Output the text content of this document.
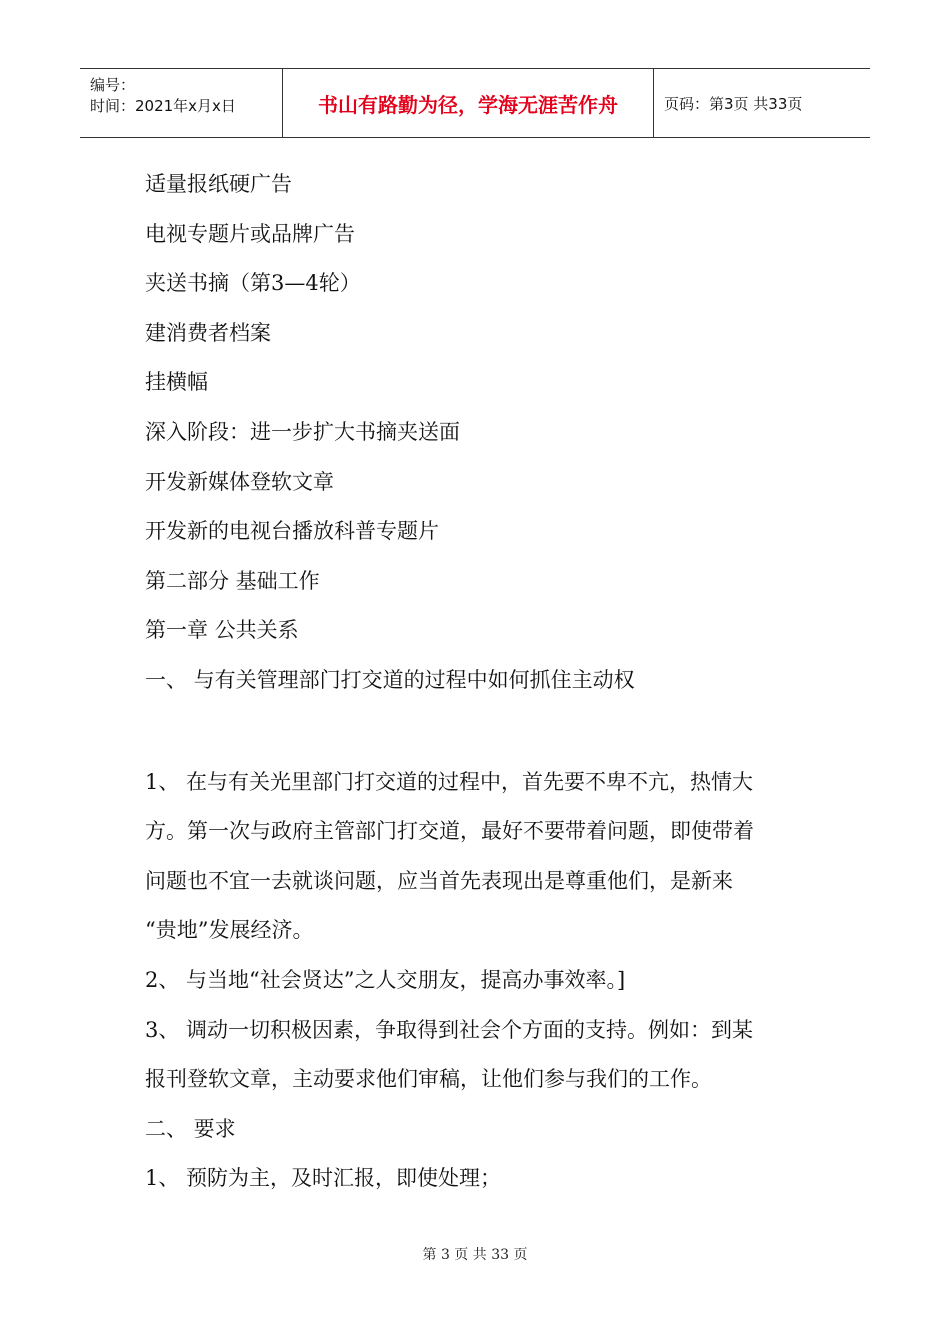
编号：
时间：2021年x月x日	书山有路勤为径，学海无涯苦作舟	页码：第3页 共33页
适量报纸硬广告
电视专题片或品牌广告
夹送书摘（第3—4轮）
建消费者档案
挂横幅
深入阶段：进一步扩大书摘夹送面
开发新媒体登软文章
开发新的电视台播放科普专题片
第二部分 基础工作
第一章 公共关系
一、 与有关管理部门打交道的过程中如何抓住主动权
1、 在与有关光里部门打交道的过程中，首先要不卑不亢，热情大
方。第一次与政府主管部门打交道，最好不要带着问题，即使带着
问题也不宜一去就谈问题，应当首先表现出是尊重他们，是新来
“贵地”发展经济。
2、 与当地“社会贤达”之人交朋友，提高办事效率。]
3、 调动一切积极因素，争取得到社会个方面的支持。例如：到某
报刊登软文章，主动要求他们审稿，让他们参与我们的工作。
二、 要求
1、 预防为主，及时汇报，即使处理；
第 3 页 共 33 页
